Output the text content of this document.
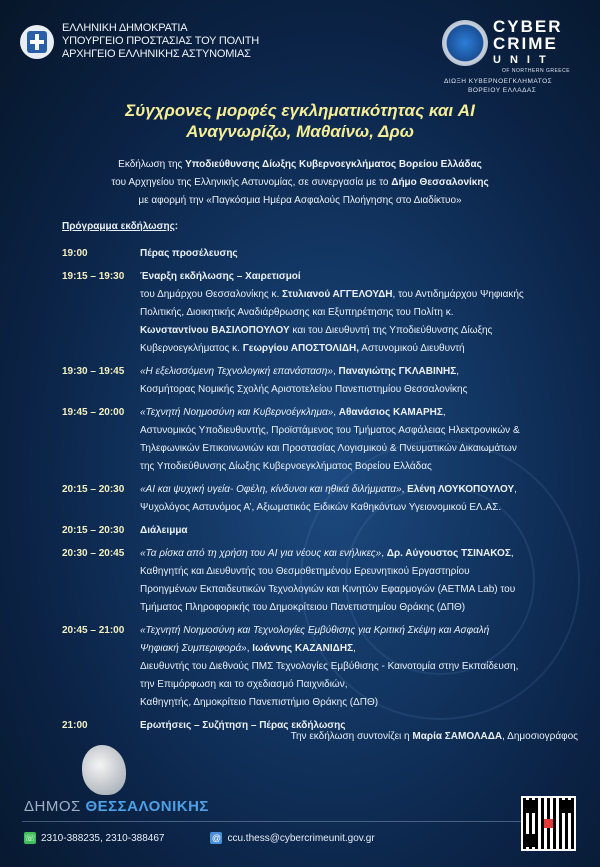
ΕΛΛΗΝΙΚΗ ΔΗΜΟΚΡΑΤΙΑ
ΥΠΟΥΡΓΕΙΟ ΠΡΟΣΤΑΣΙΑΣ ΤΟΥ ΠΟΛΙΤΗ
ΑΡΧΗΓΕΙΟ ΕΛΛΗΝΙΚΗΣ ΑΣΤΥΝΟΜΙΑΣ
CYBER
CRIME
UNIT
OF NORTHERN GREECE
ΔΙΩΞΗ ΚΥΒΕΡΝΟΕΓΚΛΗΜΑΤΟΣ
ΒΟΡΕΙΟΥ ΕΛΛΑΔΑΣ
Σύγχρονες μορφές εγκληματικότητας και AI
Αναγνωρίζω, Μαθαίνω, Δρω
Εκδήλωση της Υποδιεύθυνσης Δίωξης Κυβερνοεγκλήματος Βορείου Ελλάδας
του Αρχηγείου της Ελληνικής Αστυνομίας, σε συνεργασία με το Δήμο Θεσσαλονίκης
με αφορμή την «Παγκόσμια Ημέρα Ασφαλούς Πλοήγησης στο Διαδίκτυο»
Πρόγραμμα εκδήλωσης:
19:00	Πέρας προσέλευσης
19:15 – 19:30	Έναρξη εκδήλωσης – Χαιρετισμοί
του Δημάρχου Θεσσαλονίκης κ. Στυλιανού ΑΓΓΕΛΟΥΔΗ, του Αντιδημάρχου Ψηφιακής
Πολιτικής, Διοικητικής Αναδιάρθρωσης και Εξυπηρέτησης του Πολίτη κ.
Κωνσταντίνου ΒΑΣΙΛΟΠΟΥΛΟΥ και του Διευθυντή της Υποδιεύθυνσης Δίωξης
Κυβερνοεγκλήματος κ. Γεωργίου ΑΠΟΣΤΟΛΙΔΗ, Αστυνομικού Διευθυντή
19:30 – 19:45	«Η εξελισσόμενη Τεχνολογική επανάσταση», Παναγιώτης ΓΚΛΑΒΙΝΗΣ,
Κοσμήτορας Νομικής Σχολής Αριστοτελείου Πανεπιστημίου Θεσσαλονίκης
19:45 – 20:00	«Τεχνητή Νοημοσύνη και Κυβερνοέγκλημα», Αθανάσιος ΚΑΜΑΡΗΣ,
Αστυνομικός Υποδιευθυντής, Προϊστάμενος του Τμήματος Ασφάλειας Ηλεκτρονικών &
Τηλεφωνικών Επικοινωνιών και Προστασίας Λογισμικού & Πνευματικών Δικαιωμάτων
της Υποδιεύθυνσης Δίωξης Κυβερνοεγκλήματος Βορείου Ελλάδας
20:15 – 20:30	«AI και ψυχική υγεία- Οφέλη, κίνδυνοι και ηθικά διλήμματα», Ελένη ΛΟΥΚΟΠΟΥΛΟΥ,
Ψυχολόγος Αστυνόμος Α’, Αξιωματικός Ειδικών Καθηκόντων Υγειονομικού ΕΛ.ΑΣ.
20:15 – 20:30	Διάλειμμα
20:30 – 20:45	«Τα ρίσκα από τη χρήση του AI για νέους και ενήλικες», Δρ. Αύγουστος ΤΣΙΝΑΚΟΣ,
Καθηγητής και Διευθυντής του Θεσμοθετημένου Ερευνητικού Εργαστηρίου
Προηγμένων Εκπαιδευτικών Τεχνολογιών και Κινητών Εφαρμογών (AETMA Lab) του
Τμήματος Πληροφορικής του Δημοκρίτειου Πανεπιστημίου Θράκης (ΔΠΘ)
20:45 – 21:00	«Τεχνητή Νοημοσύνη και Τεχνολογίες Εμβύθισης για Κριτική Σκέψη και Ασφαλή
Ψηφιακή Συμπεριφορά», Ιωάννης ΚΑΖΑΝΙΔΗΣ,
Διευθυντής του Διεθνούς ΠΜΣ Τεχνολογίες Εμβύθισης - Καινοτομία στην Εκπαίδευση,
την Επιμόρφωση και το σχεδιασμό Παιχνιδιών,
Καθηγητής, Δημοκρίτειο Πανεπιστήμιο Θράκης (ΔΠΘ)
21:00	Ερωτήσεις – Συζήτηση – Πέρας εκδήλωσης
Την εκδήλωση συντονίζει η Μαρία ΣΑΜΟΛΑΔΑ, Δημοσιογράφος
ΔΗΜΟΣ ΘΕΣΣΑΛΟΝΙΚΗΣ
☏ 2310-388235, 2310-388467	@ ccu.thess@cybercrimeunit.gov.gr
